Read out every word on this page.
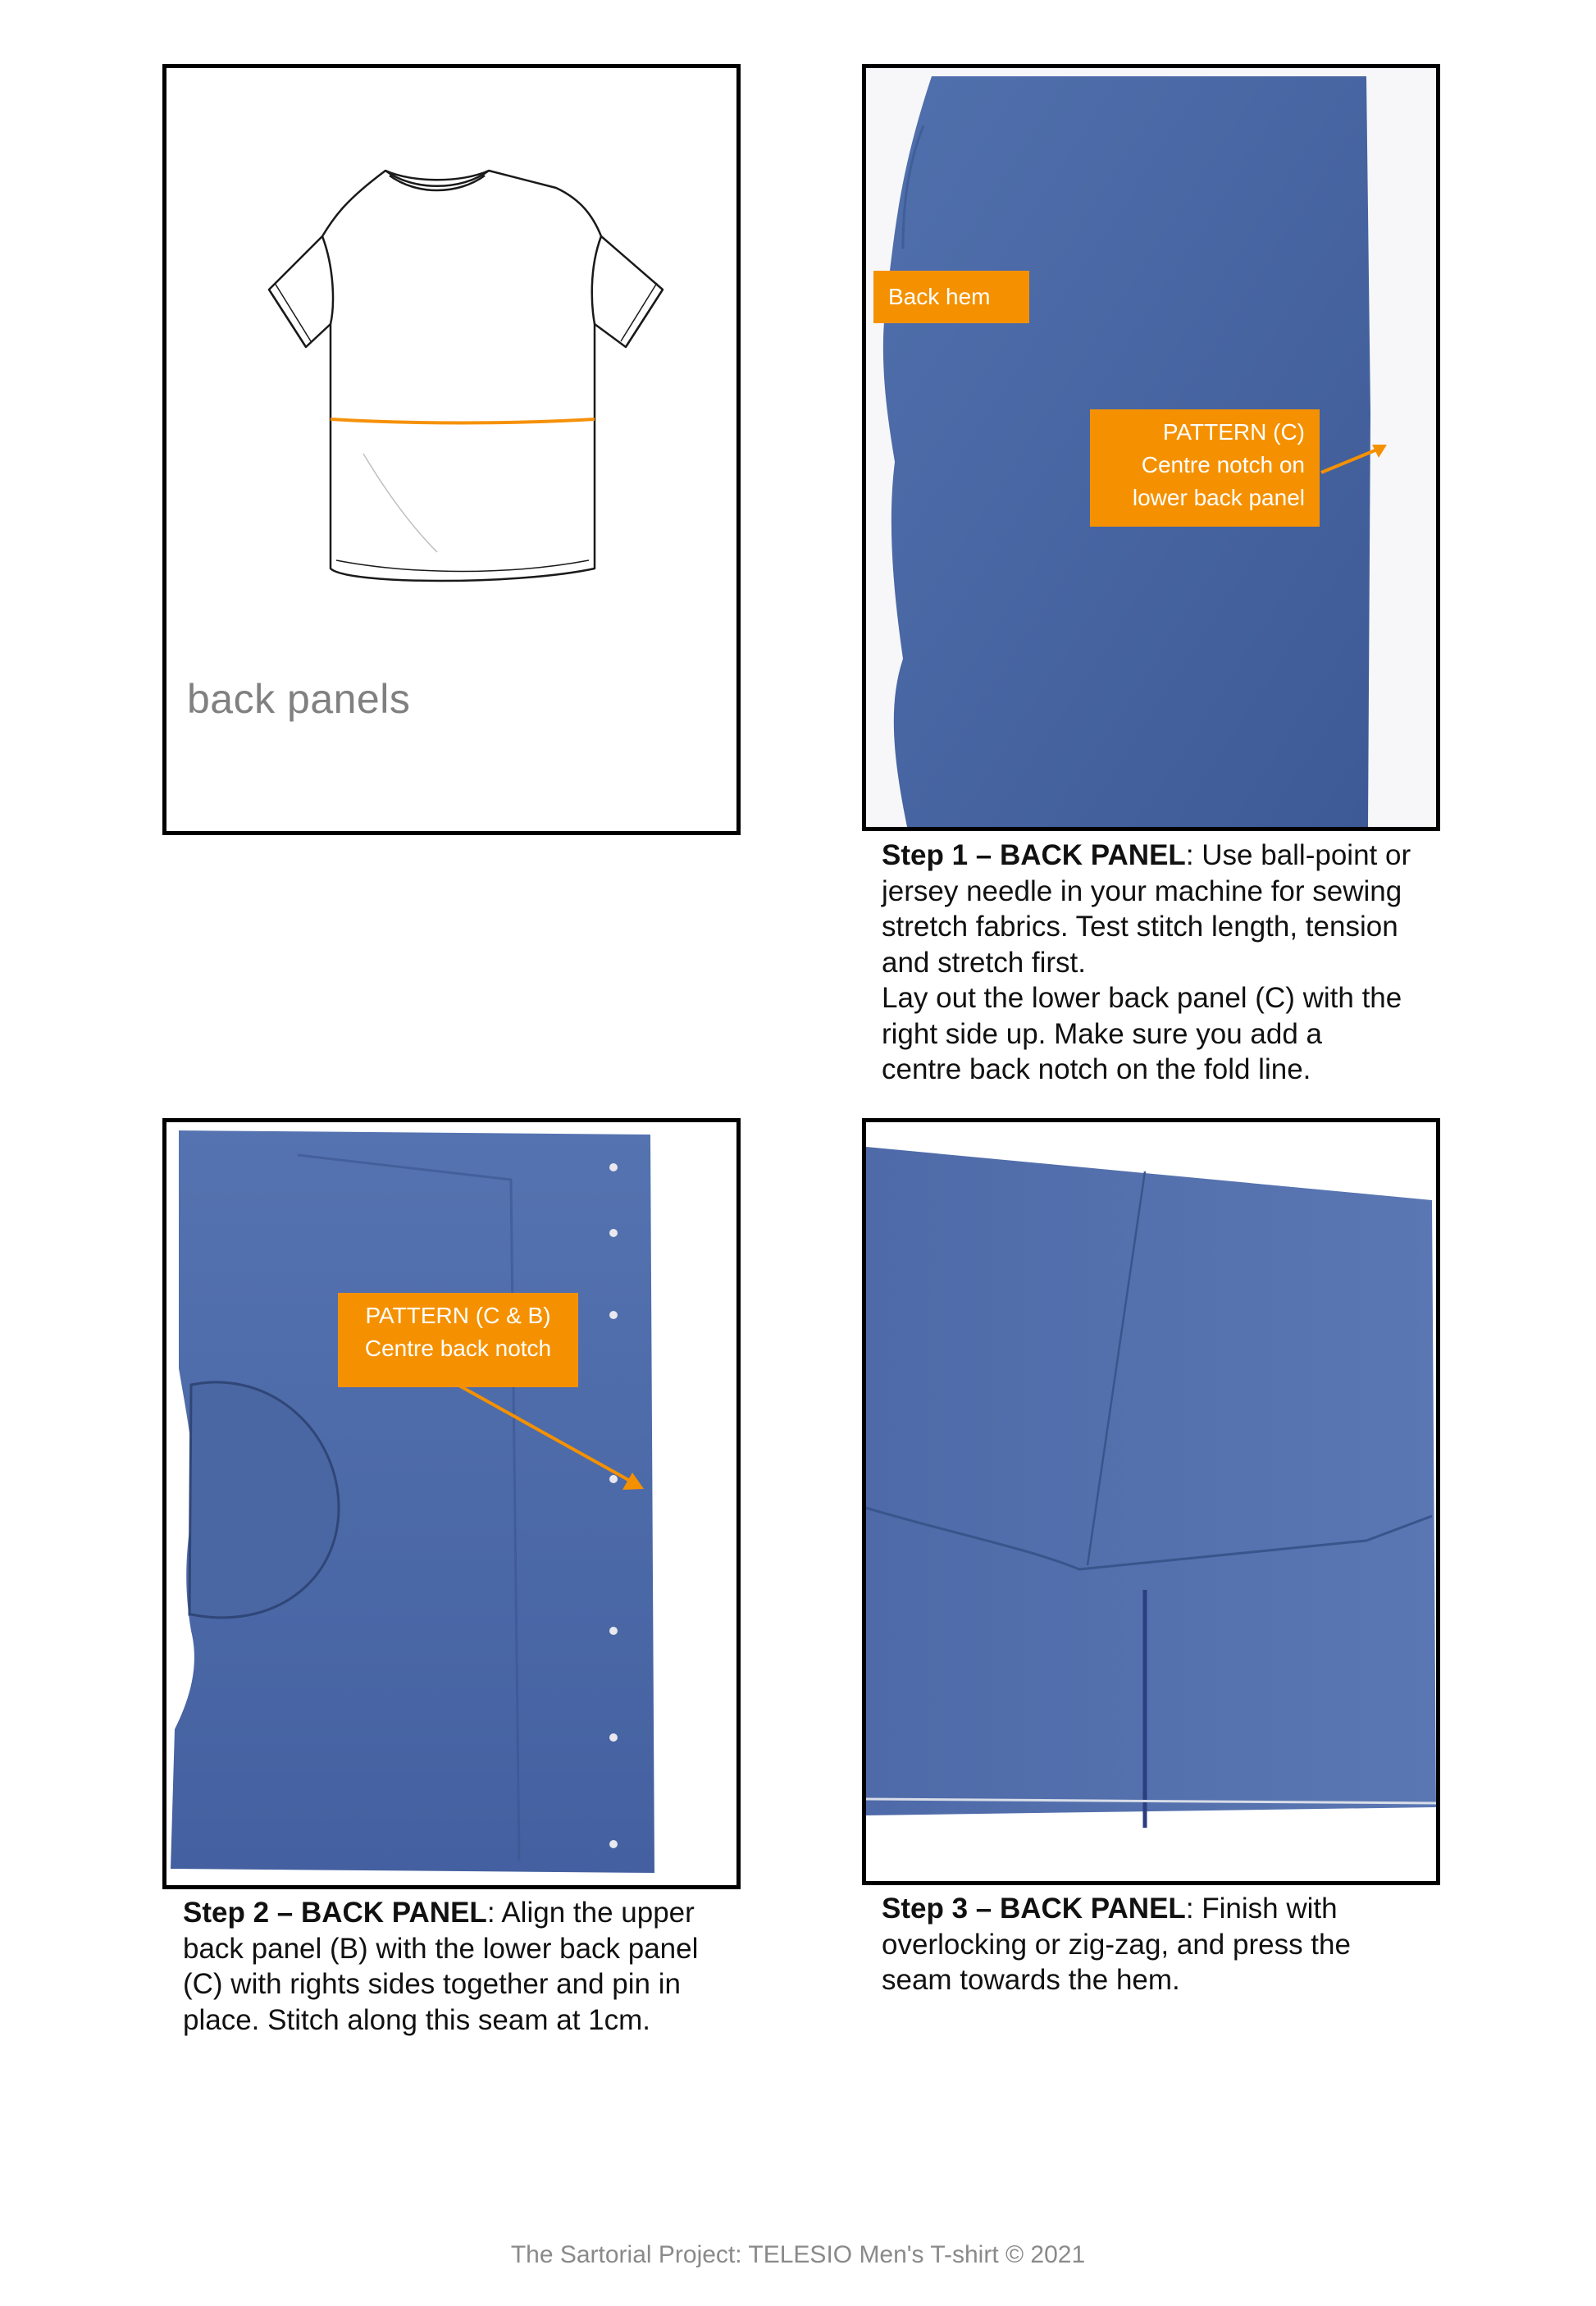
back panels
Back hem
PATTERN (C)
Centre notch on
lower back panel

Step 1 – BACK PANEL: Use ball-point or
jersey needle in your machine for sewing
stretch fabrics. Test stitch length, tension
and stretch first.
Lay out the lower back panel (C) with the
right side up. Make sure you add a
centre back notch on the fold line.

PATTERN (C & B)
Centre back notch

Step 2 – BACK PANEL: Align the upper
back panel (B) with the lower back panel
(C) with rights sides together and pin in
place. Stitch along this seam at 1cm.

Step 3 – BACK PANEL: Finish with
overlocking or zig-zag, and press the
seam towards the hem.

The Sartorial Project: TELESIO Men's T-shirt © 2021
